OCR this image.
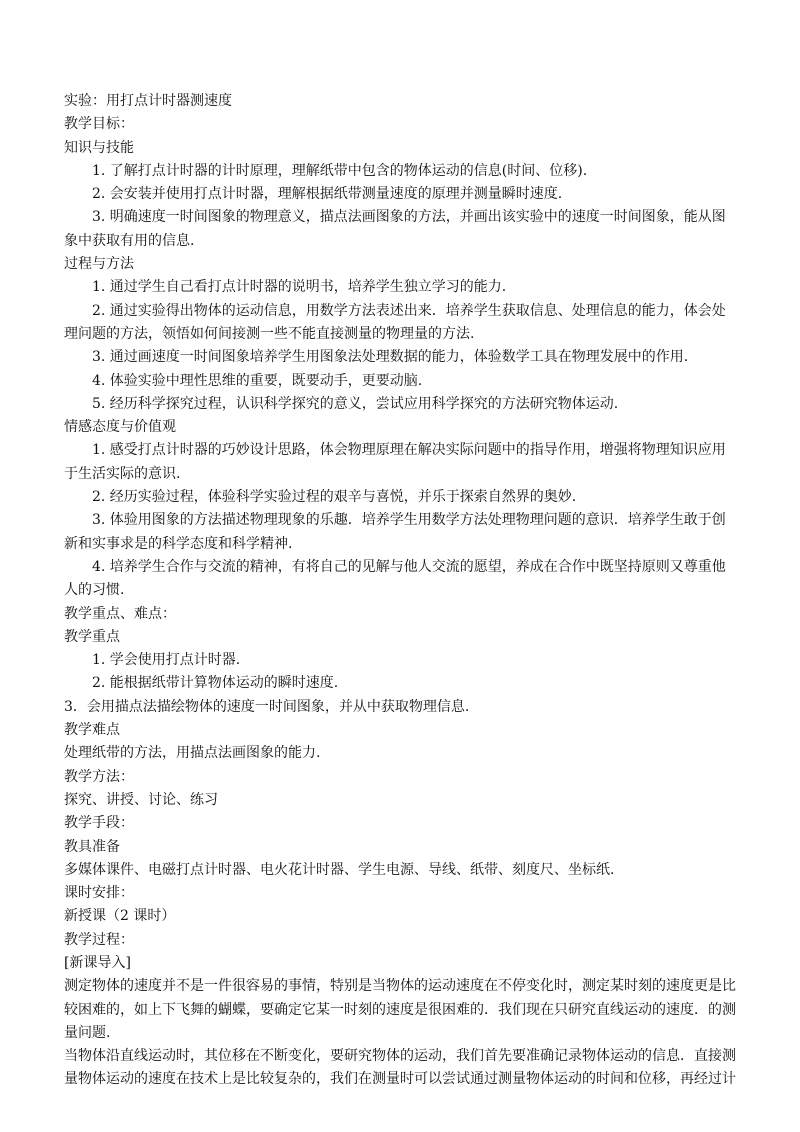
实验：用打点计时器测速度

教学目标：

知识与技能

1. 了解打点计时器的计时原理，理解纸带中包含的物体运动的信息(时间、位移).

2. 会安装并使用打点计时器，理解根据纸带测量速度的原理并测量瞬时速度.

3. 明确速度一时间图象的物理意义，描点法画图象的方法，并画出该实验中的速度一时间图象，能从图

象中获取有用的信息.

过程与方法

1. 通过学生自己看打点计时器的说明书，培养学生独立学习的能力.

2. 通过实验得出物体的运动信息，用数学方法表述出来．培养学生获取信息、处理信息的能力，体会处

理问题的方法，领悟如何间接测一些不能直接测量的物理量的方法.

3. 通过画速度一时间图象培养学生用图象法处理数据的能力，体验数学工具在物理发展中的作用.

4. 体验实验中理性思维的重要，既要动手，更要动脑.

5. 经历科学探究过程，认识科学探究的意义，尝试应用科学探究的方法研究物体运动.

情感态度与价值观

1. 感受打点计时器的巧妙设计思路，体会物理原理在解决实际问题中的指导作用，增强将物理知识应用

于生活实际的意识.

2. 经历实验过程，体验科学实验过程的艰辛与喜悦，并乐于探索自然界的奥妙.

3. 体验用图象的方法描述物理现象的乐趣．培养学生用数学方法处理物理问题的意识．培养学生敢于创

新和实事求是的科学态度和科学精神.

4. 培养学生合作与交流的精神，有将自己的见解与他人交流的愿望，养成在合作中既坚持原则又尊重他

人的习惯.

教学重点、难点：

教学重点

1. 学会使用打点计时器.

2. 能根据纸带计算物体运动的瞬时速度.

3．会用描点法描绘物体的速度一时间图象，并从中获取物理信息.

教学难点

处理纸带的方法，用描点法画图象的能力.

教学方法：

探究、讲授、讨论、练习

教学手段：

教具准备

多媒体课件、电磁打点计时器、电火花计时器、学生电源、导线、纸带、刻度尺、坐标纸.

课时安排：

新授课（2 课时）

教学过程：

[新课导入]

测定物体的速度并不是一件很容易的事情，特别是当物体的运动速度在不停变化时，测定某时刻的速度更是比

较困难的，如上下飞舞的蝴蝶，要确定它某一时刻的速度是很困难的．我们现在只研究直线运动的速度．的测

量问题.

当物体沿直线运动时，其位移在不断变化，要研究物体的运动，我们首先要准确记录物体运动的信息．直接测

量物体运动的速度在技术上是比较复杂的，我们在测量时可以尝试通过测量物体运动的时间和位移，再经过计
